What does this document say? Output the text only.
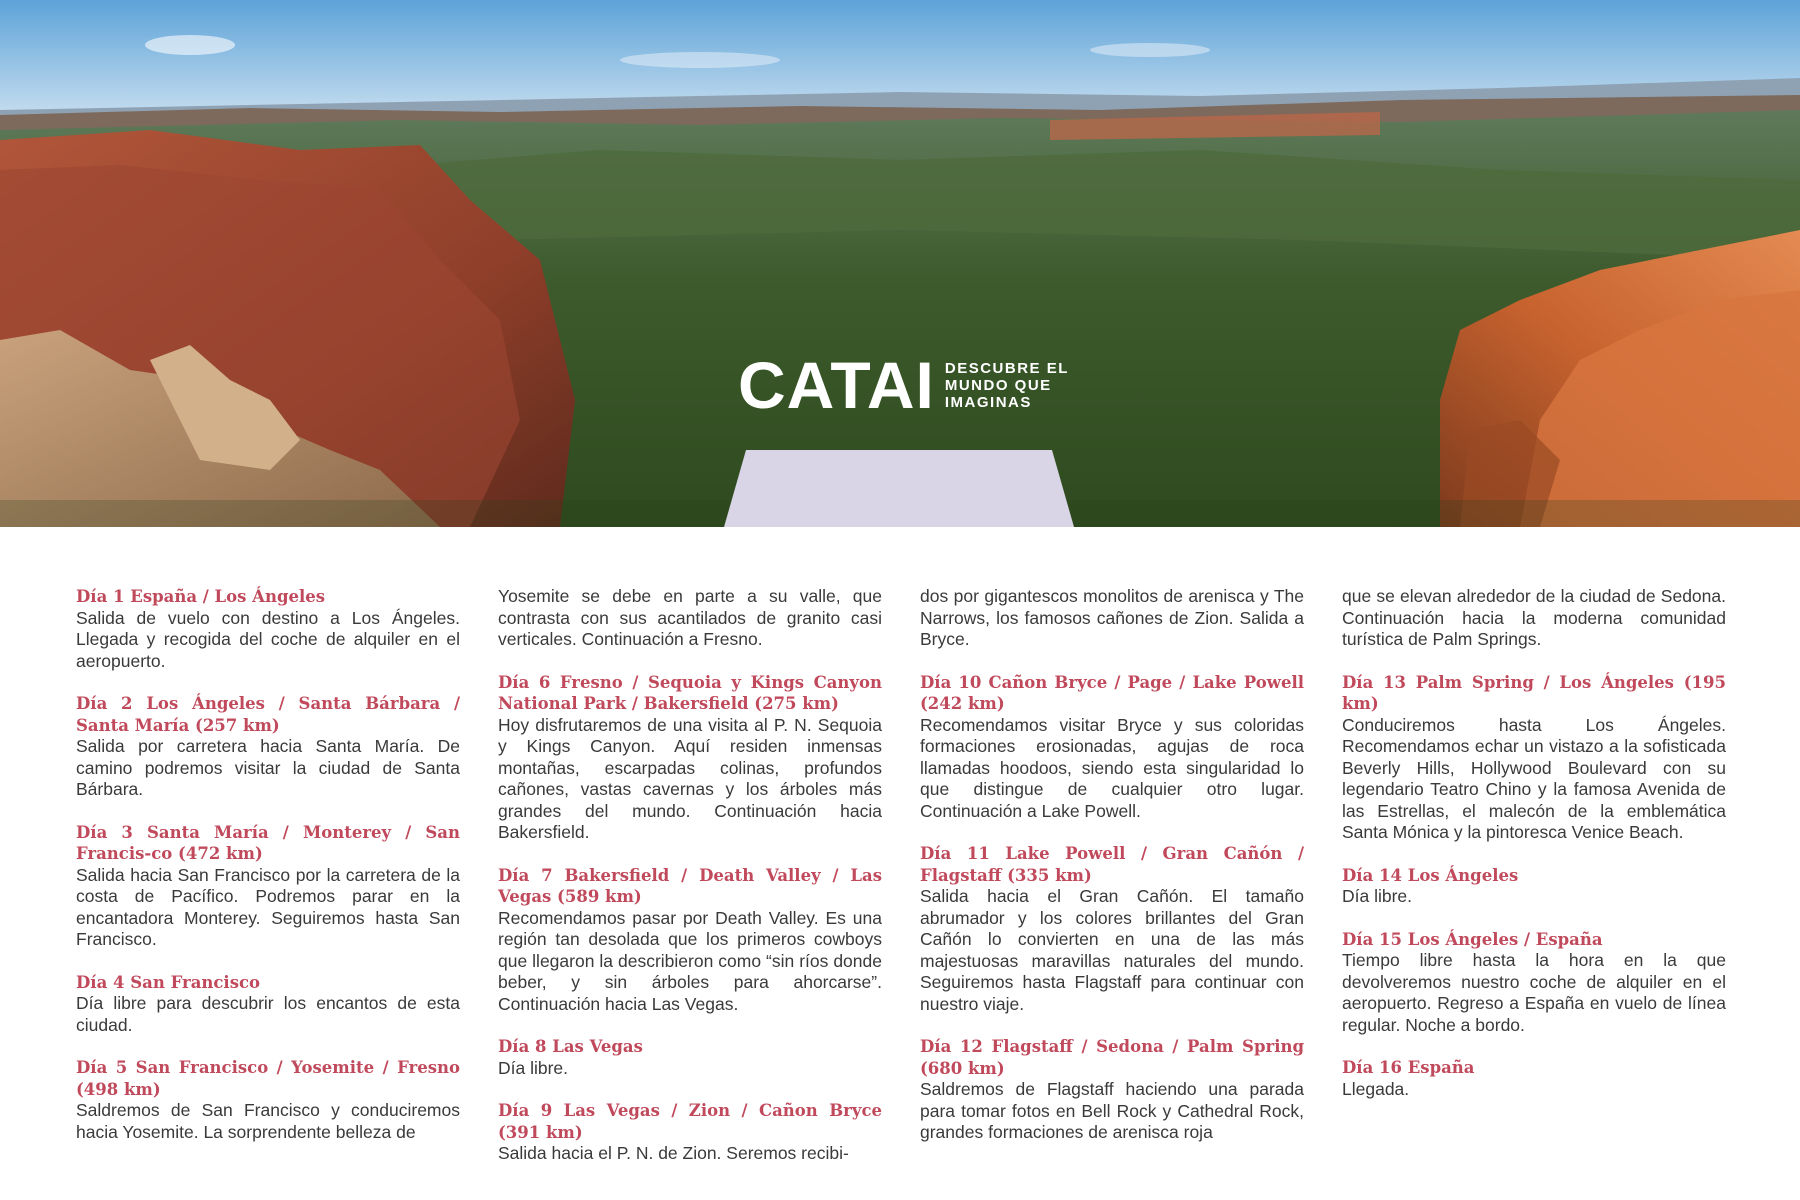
CATAI DESCUBRE EL
MUNDO QUE
IMAGINAS
Día 1 España / Los Ángeles
Salida de vuelo con destino a Los Ángeles. Llegada y recogida del coche de alquiler en el aeropuerto.
Día 2 Los Ángeles / Santa Bárbara / Santa María (257 km)
Salida por carretera hacia Santa María. De camino podremos visitar la ciudad de Santa Bárbara.
Día 3 Santa María / Monterey / San Francis-co (472 km)
Salida hacia San Francisco por la carretera de la costa de Pacífico. Podremos parar en la encantadora Monterey. Seguiremos hasta San Francisco.
Día 4 San Francisco
Día libre para descubrir los encantos de esta ciudad.
Día 5 San Francisco / Yosemite / Fresno (498 km)
Saldremos de San Francisco y conduciremos hacia Yosemite. La sorprendente belleza de
Yosemite se debe en parte a su valle, que contrasta con sus acantilados de granito casi verticales. Continuación a Fresno.
Día 6 Fresno / Sequoia y Kings Canyon National Park / Bakersfield (275 km)
Hoy disfrutaremos de una visita al P. N. Sequoia y Kings Canyon. Aquí residen inmensas montañas, escarpadas colinas, profundos cañones, vastas cavernas y los árboles más grandes del mundo. Continuación hacia Bakersfield.
Día 7 Bakersfield / Death Valley / Las Vegas (589 km)
Recomendamos pasar por Death Valley. Es una región tan desolada que los primeros cowboys que llegaron la describieron como “sin ríos donde beber, y sin árboles para ahorcarse”. Continuación hacia Las Vegas.
Día 8 Las Vegas
Día libre.
Día 9 Las Vegas / Zion / Cañon Bryce (391 km)
Salida hacia el P. N. de Zion. Seremos recibi-
dos por gigantescos monolitos de arenisca y The Narrows, los famosos cañones de Zion. Salida a Bryce.
Día 10 Cañon Bryce / Page / Lake Powell (242 km)
Recomendamos visitar Bryce y sus coloridas formaciones erosionadas, agujas de roca llamadas hoodoos, siendo esta singularidad lo que distingue de cualquier otro lugar. Continuación a Lake Powell.
Día 11 Lake Powell / Gran Cañón / Flagstaff (335 km)
Salida hacia el Gran Cañón. El tamaño abrumador y los colores brillantes del Gran Cañón lo convierten en una de las más majestuosas maravillas naturales del mundo. Seguiremos hasta Flagstaff para continuar con nuestro viaje.
Día 12 Flagstaff / Sedona / Palm Spring (680 km)
Saldremos de Flagstaff haciendo una parada para tomar fotos en Bell Rock y Cathedral Rock, grandes formaciones de arenisca roja
que se elevan alrededor de la ciudad de Sedona. Continuación hacia la moderna comunidad turística de Palm Springs.
Día 13 Palm Spring / Los Ángeles (195 km)
Conduciremos hasta Los Ángeles. Recomendamos echar un vistazo a la sofisticada Beverly Hills, Hollywood Boulevard con su legendario Teatro Chino y la famosa Avenida de las Estrellas, el malecón de la emblemática Santa Mónica y la pintoresca Venice Beach.
Día 14 Los Ángeles
Día libre.
Día 15 Los Ángeles / España
Tiempo libre hasta la hora en la que devolveremos nuestro coche de alquiler en el aeropuerto. Regreso a España en vuelo de línea regular. Noche a bordo.
Día 16 España
Llegada.
